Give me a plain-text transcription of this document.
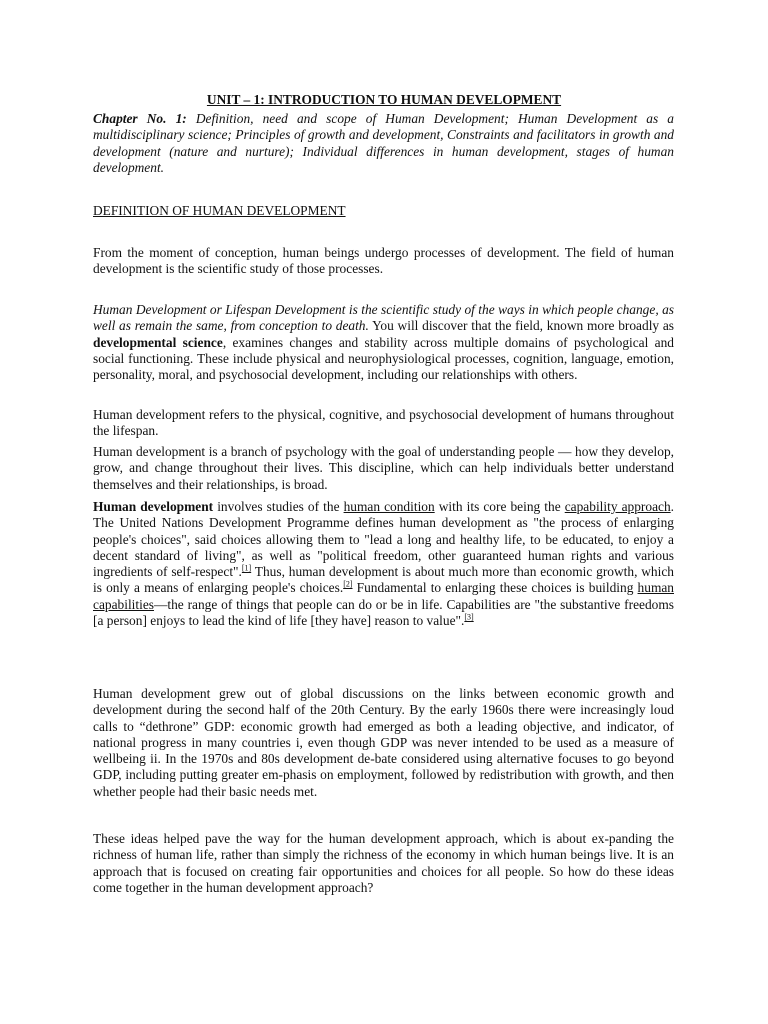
UNIT – 1: INTRODUCTION TO HUMAN DEVELOPMENT

Chapter No. 1: Definition, need and scope of Human Development; Human Development as a multidisciplinary science; Principles of growth and development, Constraints and facilitators in growth and development (nature and nurture); Individual differences in human development, stages of human development.

DEFINITION OF HUMAN DEVELOPMENT

From the moment of conception, human beings undergo processes of development. The field of human development is the scientific study of those processes.

Human Development or Lifespan Development is the scientific study of the ways in which people change, as well as remain the same, from conception to death. You will discover that the field, known more broadly as developmental science, examines changes and stability across multiple domains of psychological and social functioning. These include physical and neurophysiological processes, cognition, language, emotion, personality, moral, and psychosocial development, including our relationships with others.

Human development refers to the physical, cognitive, and psychosocial development of humans throughout the lifespan.

Human development is a branch of psychology with the goal of understanding people — how they develop, grow, and change throughout their lives. This discipline, which can help individuals better understand themselves and their relationships, is broad.

Human development involves studies of the human condition with its core being the capability approach. The United Nations Development Programme defines human development as "the process of enlarging people's choices", said choices allowing them to "lead a long and healthy life, to be educated, to enjoy a decent standard of living", as well as "political freedom, other guaranteed human rights and various ingredients of self-respect".[1] Thus, human development is about much more than economic growth, which is only a means of enlarging people's choices.[2] Fundamental to enlarging these choices is building human capabilities—the range of things that people can do or be in life. Capabilities are "the substantive freedoms [a person] enjoys to lead the kind of life [they have] reason to value".[3]

Human development grew out of global discussions on the links between economic growth and development during the second half of the 20th Century. By the early 1960s there were increasingly loud calls to “dethrone” GDP: economic growth had emerged as both a leading objective, and indicator, of national progress in many countries i, even though GDP was never intended to be used as a measure of wellbeing ii. In the 1970s and 80s development de-bate considered using alternative focuses to go beyond GDP, including putting greater em-phasis on employment, followed by redistribution with growth, and then whether people had their basic needs met.

These ideas helped pave the way for the human development approach, which is about ex-panding the richness of human life, rather than simply the richness of the economy in which human beings live. It is an approach that is focused on creating fair opportunities and choices for all people. So how do these ideas come together in the human development approach?
